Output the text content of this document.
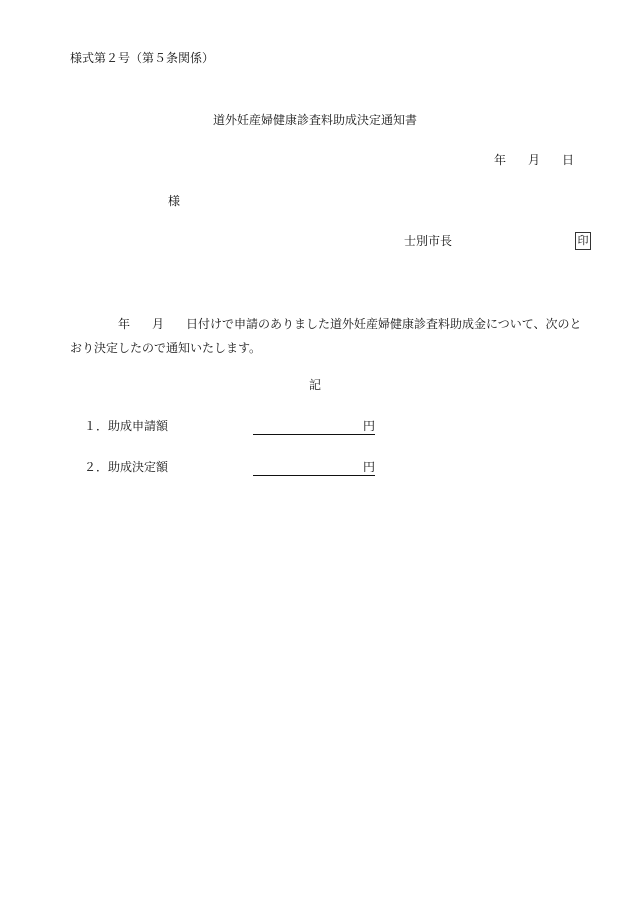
様式第２号（第５条関係）
道外妊産婦健康診査料助成決定通知書
年 月 日
様
士別市長	印
年 月 日付けで申請のありました道外妊産婦健康診査料助成金について、次のと
おり決定したので通知いたします。
記
１．助成申請額	円
２．助成決定額	円
